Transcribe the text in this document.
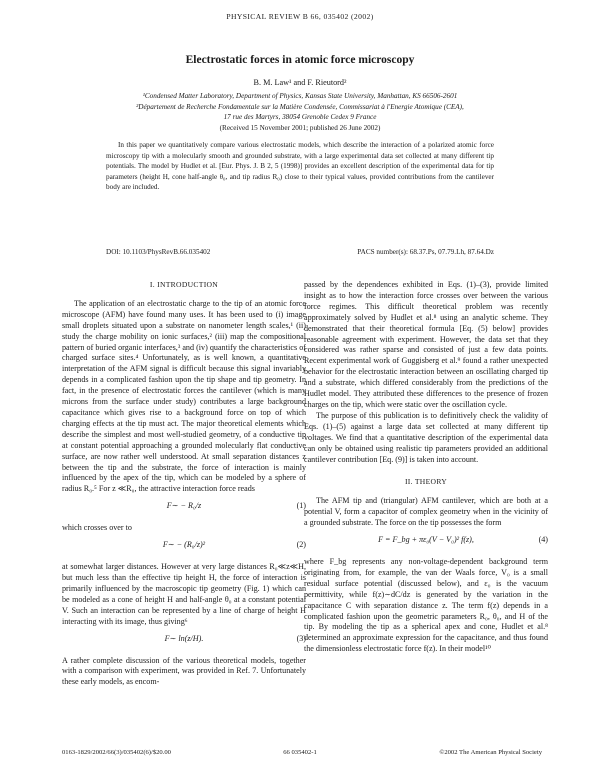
PHYSICAL REVIEW B 66, 035402 (2002)
Electrostatic forces in atomic force microscopy
B. M. Law¹ and F. Rieutord²
¹Condensed Matter Laboratory, Department of Physics, Kansas State University, Manhattan, KS 66506-2601
²Département de Recherche Fondamentale sur la Matière Condensée, Commissariat à l'Energie Atomique (CEA),
17 rue des Martyrs, 38054 Grenoble Cedex 9 France
(Received 15 November 2001; published 26 June 2002)
In this paper we quantitatively compare various electrostatic models, which describe the interaction of a polarized atomic force microscopy tip with a molecularly smooth and grounded substrate, with a large experimental data set collected at many different tip potentials. The model by Hudlet et al. [Eur. Phys. J. B 2, 5 (1998)] provides an excellent description of the experimental data for tip parameters (height H, cone half-angle θ₀, and tip radius R₀) close to their typical values, provided contributions from the cantilever body are included.
DOI: 10.1103/PhysRevB.66.035402	PACS number(s): 68.37.Ps, 07.79.Lh, 87.64.Dz
I. INTRODUCTION

The application of an electrostatic charge to the tip of an atomic force microscope (AFM) have found many uses. It has been used to (i) image small droplets situated upon a substrate on nanometer length scales,¹ (ii) study the charge mobility on ionic surfaces,² (iii) map the compositional pattern of buried organic interfaces,³ and (iv) quantify the characteristics of charged surface sites.⁴ Unfortunately, as is well known, a quantitative interpretation of the AFM signal is difficult because this signal invariably depends in a complicated fashion upon the tip shape and tip geometry. In fact, in the presence of electrostatic forces the cantilever (which is many microns from the surface under study) contributes a large background capacitance which gives rise to a background force on top of which charging effects at the tip must act. The major theoretical elements which describe the simplest and most well-studied geometry, of a conductive tip at constant potential approaching a grounded molecularly flat conductive surface, are now rather well understood. At small separation distances z between the tip and the substrate, the force of interaction is mainly influenced by the apex of the tip, which can be modeled by a sphere of radius R₀.⁵ For z ≪R₀, the attractive interaction force reads

F∼ − R₀/z	(1)

which crosses over to

F∼ − (R₀/z)²	(2)

at somewhat larger distances. However at very large distances R₀≪z≪H, but much less than the effective tip height H, the force of interaction is primarily influenced by the macroscopic tip geometry (Fig. 1) which can be modeled as a cone of height H and half-angle θ₀ at a constant potential V. Such an interaction can be represented by a line of charge of height H interacting with its image, thus giving⁶

F∼ ln(z/H).	(3)

A rather complete discussion of the various theoretical models, together with a comparison with experiment, was provided in Ref. 7. Unfortunately these early models, as encom-

passed by the dependences exhibited in Eqs. (1)–(3), provide limited insight as to how the interaction force crosses over between the various force regimes. This difficult theoretical problem was recently approximately solved by Hudlet et al.⁸ using an analytic scheme. They demonstrated that their theoretical formula [Eq. (5) below] provides reasonable agreement with experiment. However, the data set that they considered was rather sparse and consisted of just a few data points. Recent experimental work of Guggisberg et al.⁹ found a rather unexpected behavior for the electrostatic interaction between an oscillating charged tip and a substrate, which differed considerably from the predictions of the Hudlet model. They attributed these differences to the presence of frozen charges on the tip, which were static over the oscillation cycle.

The purpose of this publication is to definitively check the validity of Eqs. (1)–(5) against a large data set collected at many different tip voltages. We find that a quantitative description of the experimental data can only be obtained using realistic tip parameters provided an additional cantilever contribution [Eq. (9)] is taken into account.

II. THEORY

The AFM tip and (triangular) AFM cantilever, which are both at a potential V, form a capacitor of complex geometry when in the vicinity of a grounded substrate. The force on the tip possesses the form

F = F_bg + πε₀(V − V₀)² f(z),	(4)

where F_bg represents any non-voltage-dependent background term originating from, for example, the van der Waals force, V₀ is a small residual surface potential (discussed below), and ε₀ is the vacuum permittivity, while f(z)∼dC/dz is generated by the variation in the capacitance C with separation distance z. The term f(z) depends in a complicated fashion upon the geometric parameters R₀, θ₀, and H of the tip. By modeling the tip as a spherical apex and cone, Hudlet et al.⁸ determined an approximate expression for the capacitance, and thus found the dimensionless electrostatic force f(z). In their model¹⁰

0163-1829/2002/66(3)/035402(6)/$20.00	66 035402-1	©2002 The American Physical Society
